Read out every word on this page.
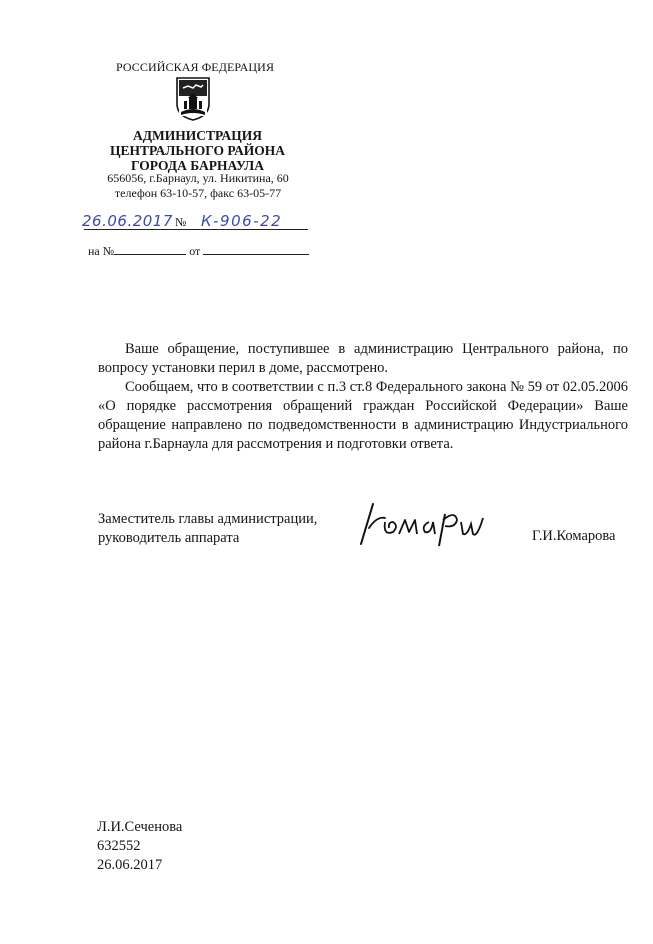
РОССИЙСКАЯ ФЕДЕРАЦИЯ
АДМИНИСТРАЦИЯ
ЦЕНТРАЛЬНОГО РАЙОНА
ГОРОДА БАРНАУЛА
656056, г.Барнаул, ул. Никитина, 60
телефон 63-10-57, факс 63-05-77
26.06.2017 № К-906-22
на №	от

Ваше обращение, поступившее в администрацию Центрального района, по вопросу установки перил в доме, рассмотрено.

Сообщаем, что в соответствии с п.3 ст.8 Федерального закона № 59 от 02.05.2006 «О порядке рассмотрения обращений граждан Российской Федерации» Ваше обращение направлено по подведомственности в администрацию Индустриального района г.Барнаула для рассмотрения и подготовки ответа.

Заместитель главы администрации,
руководитель аппарата	Г.И.Комарова
Л.И.Сеченова
632552
26.06.2017
